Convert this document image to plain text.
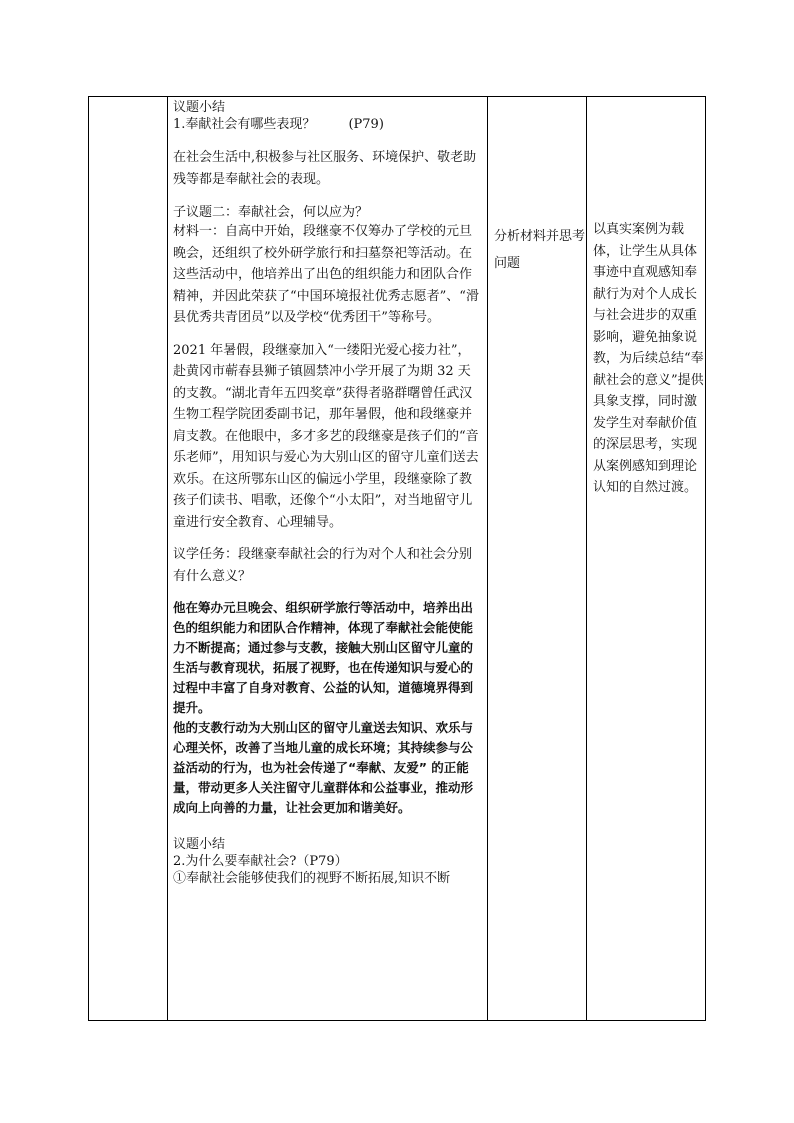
议题小结

1.奉献社会有哪些表现？        (P79)

在社会生活中,积极参与社区服务、环境保护、敬老助残等都是奉献社会的表现。

子议题二：奉献社会，何以应为？

材料一：自高中开始，段继豪不仅筹办了学校的元旦晚会，还组织了校外研学旅行和扫墓祭祀等活动。在这些活动中，他培养出了出色的组织能力和团队合作精神，并因此荣获了“中国环境报社优秀志愿者”、“滑县优秀共青团员”以及学校“优秀团干”等称号。

2021 年暑假，段继豪加入“一缕阳光爱心接力社”，赴黄冈市蕲春县狮子镇圆禁冲小学开展了为期 32 天的支教。“湖北青年五四奖章”获得者骆群曙曾任武汉生物工程学院团委副书记，那年暑假，他和段继豪并肩支教。在他眼中，多才多艺的段继豪是孩子们的“音乐老师”，用知识与爱心为大别山区的留守儿童们送去欢乐。在这所鄂东山区的偏远小学里，段继豪除了教孩子们读书、唱歌，还像个“小太阳”，对当地留守儿童进行安全教育、心理辅导。

议学任务：段继豪奉献社会的行为对个人和社会分别有什么意义？

他在筹办元旦晚会、组织研学旅行等活动中，培养出出色的组织能力和团队合作精神，体现了奉献社会能使能力不断提高；通过参与支教，接触大别山区留守儿童的生活与教育现状，拓展了视野，也在传递知识与爱心的过程中丰富了自身对教育、公益的认知，道德境界得到提升。
他的支教行动为大别山区的留守儿童送去知识、欢乐与心理关怀，改善了当地儿童的成长环境；其持续参与公益活动的行为，也为社会传递了“奉献、友爱” 的正能量，带动更多人关注留守儿童群体和公益事业，推动形成向上向善的力量，让社会更加和谐美好。

议题小结

2.为什么要奉献社会?（P79）

①奉献社会能够使我们的视野不断拓展,知识不断

分析材料并思考问题

以真实案例为载体，让学生从具体事迹中直观感知奉献行为对个人成长与社会进步的双重影响，避免抽象说教，为后续总结“奉献社会的意义”提供具象支撑，同时激发学生对奉献价值的深层思考，实现从案例感知到理论认知的自然过渡。
